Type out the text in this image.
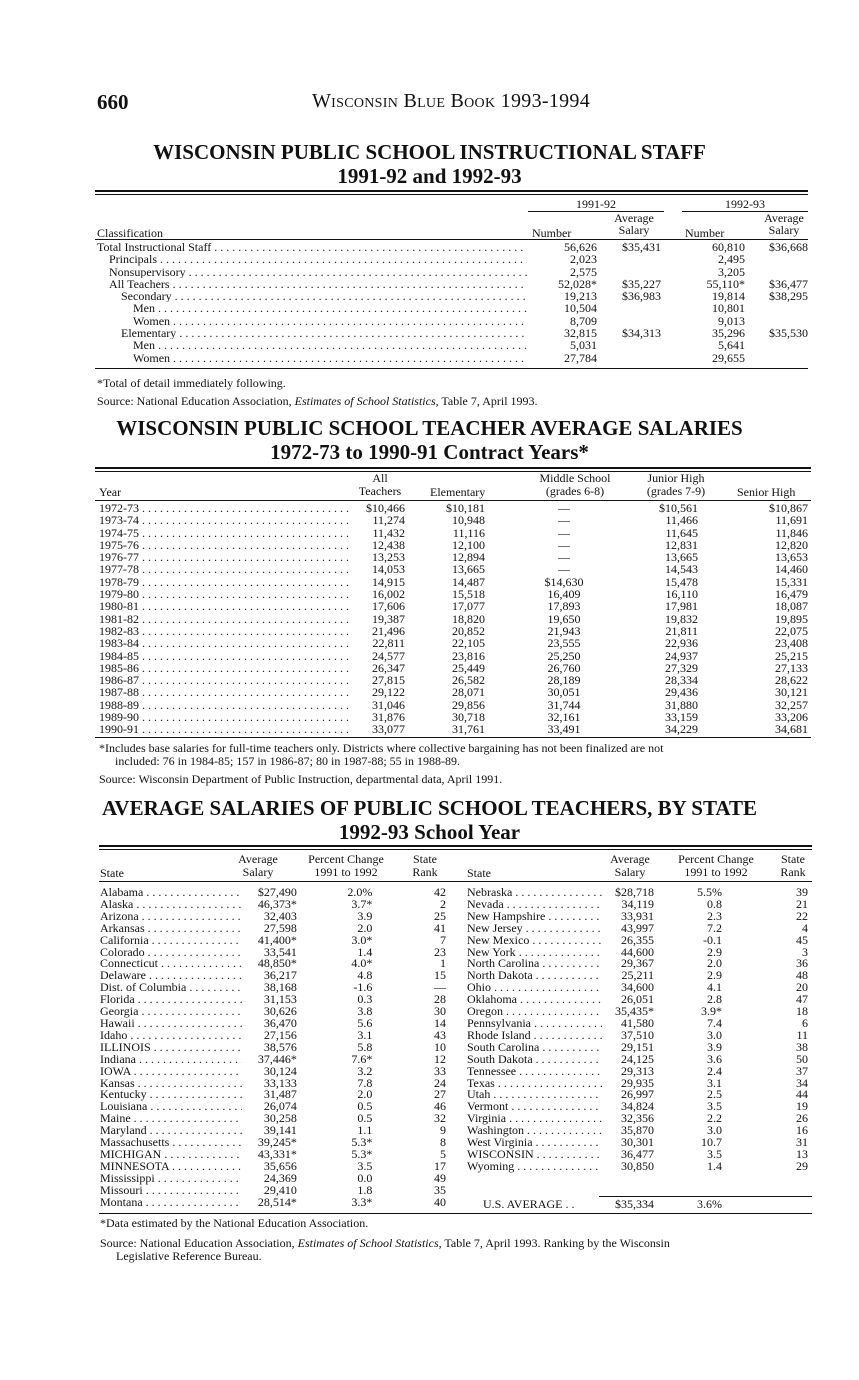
660	Wisconsin Blue Book 1993-1994
WISCONSIN PUBLIC SCHOOL INSTRUCTIONAL STAFF
1991-92 and 1992-93
1991-92	1992-93
Classification	Number
Average
Salary	Number
Average
Salary
Total Instructional Staff . . .	56,626	$35,431	60,810	$36,668
Principals . . .	2,023		2,495	
Nonsupervisory . . .	2,575		3,205	
All Teachers . . .	52,028*	$35,227	55,110*	$36,477
Secondary . . .	19,213	$36,983	19,814	$38,295
Men . . .	10,504		10,801	
Women . . .	8,709		9,013	
Elementary . . .	32,815	$34,313	35,296	$35,530
Men . . .	5,031		5,641	
Women . . .	27,784		29,655	
*Total of detail immediately following.
Source: National Education Association, Estimates of School Statistics, Table 7, April 1993.
WISCONSIN PUBLIC SCHOOL TEACHER AVERAGE SALARIES
1972-73 to 1990-91 Contract Years*
Year
All
Teachers	Elementary
Middle School
(grades 6-8)
Junior High
(grades 7-9)	Senior High
1972-73 . . .	$10,466	$10,181	—	$10,561	$10,867
1973-74 . . .	11,274	10,948	—	11,466	11,691
1974-75 . . .	11,432	11,116	—	11,645	11,846
1975-76 . . .	12,438	12,100	—	12,831	12,820
1976-77 . . .	13,253	12,894	—	13,665	13,653
1977-78 . . .	14,053	13,665	—	14,543	14,460
1978-79 . . .	14,915	14,487	$14,630	15,478	15,331
1979-80 . . .	16,002	15,518	16,409	16,110	16,479
1980-81 . . .	17,606	17,077	17,893	17,981	18,087
1981-82 . . .	19,387	18,820	19,650	19,832	19,895
1982-83 . . .	21,496	20,852	21,943	21,811	22,075
1983-84 . . .	22,811	22,105	23,555	22,936	23,408
1984-85 . . .	24,577	23,816	25,250	24,937	25,215
1985-86 . . .	26,347	25,449	26,760	27,329	27,133
1986-87 . . .	27,815	26,582	28,189	28,334	28,622
1987-88 . . .	29,122	28,071	30,051	29,436	30,121
1988-89 . . .	31,046	29,856	31,744	31,880	32,257
1989-90 . . .	31,876	30,718	32,161	33,159	33,206
1990-91 . . .	33,077	31,761	33,491	34,229	34,681
*Includes base salaries for full-time teachers only. Districts where collective bargaining has not been finalized are not
included: 76 in 1984-85; 157 in 1986-87; 80 in 1987-88; 55 in 1988-89.
Source: Wisconsin Department of Public Instruction, departmental data, April 1991.
AVERAGE SALARIES OF PUBLIC SCHOOL TEACHERS, BY STATE
1992-93 School Year
State
Average
Salary
Percent Change
1991 to 1992
State
Rank	State
Average
Salary
Percent Change
1991 to 1992
State
Rank
Alabama . . .	$27,490	2.0%	42
Alaska . . .	46,373*	3.7*	2
Arizona . . .	32,403	3.9	25
Arkansas . . .	27,598	2.0	41
California . . .	41,400*	3.0*	7
Colorado . . .	33,541	1.4	23
Connecticut . . .	48,850*	4.0*	1
Delaware . . .	36,217	4.8	15
Dist. of Columbia . . .	38,168	-1.6	—
Florida . . .	31,153	0.3	28
Georgia . . .	30,626	3.8	30
Hawaii . . .	36,470	5.6	14
Idaho . . .	27,156	3.1	43
ILLINOIS . . .	38,576	5.8	10
Indiana . . .	37,446*	7.6*	12
IOWA . . .	30,124	3.2	33
Kansas . . .	33,133	7.8	24
Kentucky . . .	31,487	2.0	27
Louisiana . . .	26,074	0.5	46
Maine . . .	30,258	0.5	32
Maryland . . .	39,141	1.1	9
Massachusetts . . .	39,245*	5.3*	8
MICHIGAN . . .	43,331*	5.3*	5
MINNESOTA . . .	35,656	3.5	17
Mississippi . . .	24,369	0.0	49
Missouri . . .	29,410	1.8	35
Montana . . .	28,514*	3.3*	40
Nebraska . . .	$28,718	5.5%	39
Nevada . . .	34,119	0.8	21
New Hampshire . . .	33,931	2.3	22
New Jersey . . .	43,997	7.2	4
New Mexico . . .	26,355	-0.1	45
New York . . .	44,600	2.9	3
North Carolina . . .	29,367	2.0	36
North Dakota . . .	25,211	2.9	48
Ohio . . .	34,600	4.1	20
Oklahoma . . .	26,051	2.8	47
Oregon . . .	35,435*	3.9*	18
Pennsylvania . . .	41,580	7.4	6
Rhode Island . . .	37,510	3.0	11
South Carolina . . .	29,151	3.9	38
South Dakota . . .	24,125	3.6	50
Tennessee . . .	29,313	2.4	37
Texas . . .	29,935	3.1	34
Utah . . .	26,997	2.5	44
Vermont . . .	34,824	3.5	19
Virginia . . .	32,356	2.2	26
Washington . . .	35,870	3.0	16
West Virginia . . .	30,301	10.7	31
WISCONSIN . . .	36,477	3.5	13
Wyoming . . .	30,850	1.4	29
U.S. AVERAGE . .	$35,334	3.6%	
*Data estimated by the National Education Association.
Source: National Education Association, Estimates of School Statistics, Table 7, April 1993. Ranking by the Wisconsin
Legislative Reference Bureau.
